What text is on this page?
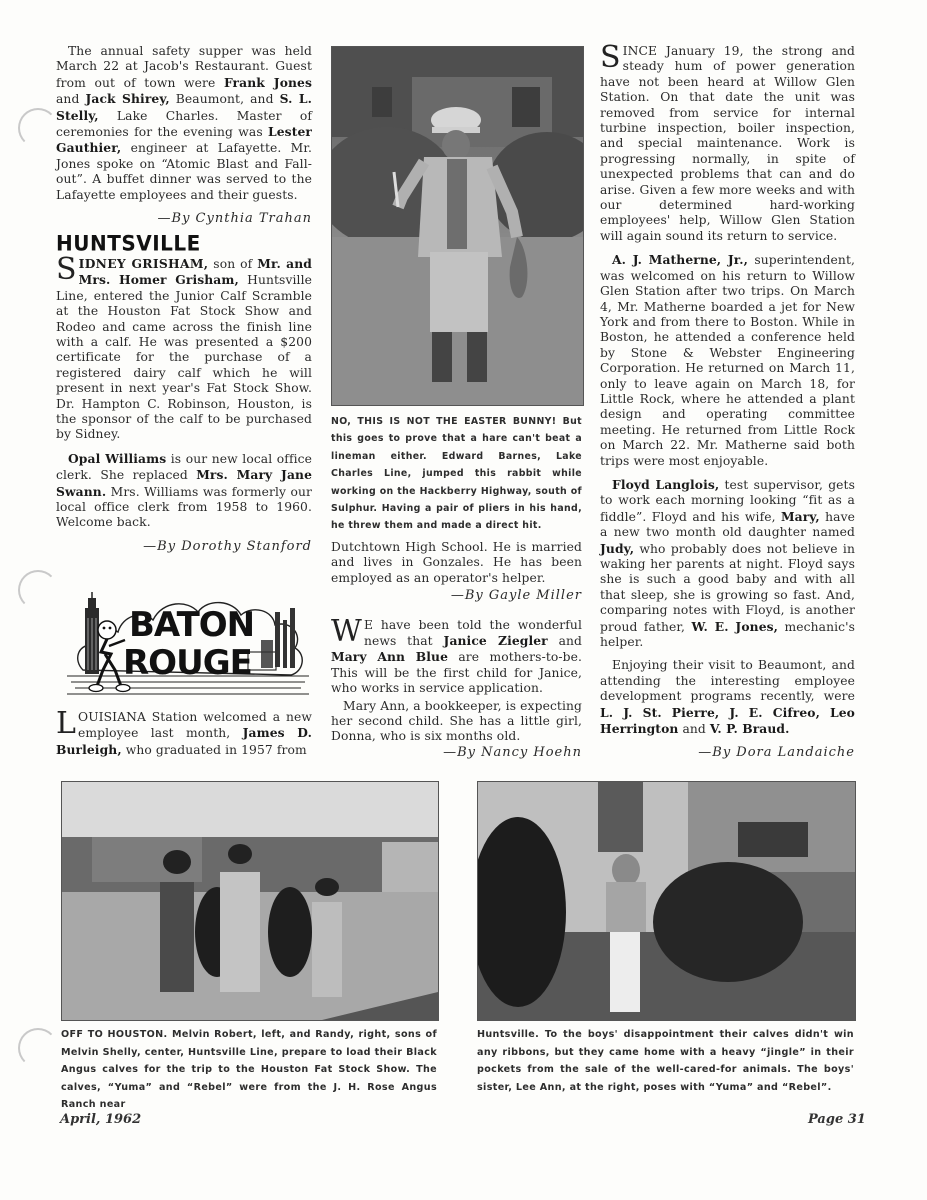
The annual safety supper was held March 22 at Jacob's Restaurant. Guest from out of town were Frank Jones and Jack Shirey, Beaumont, and S. L. Stelly, Lake Charles. Master of ceremonies for the evening was Lester Gauthier, engineer at Lafayette. Mr. Jones spoke on “Atomic Blast and Fall-out”. A buffet dinner was served to the Lafayette employees and their guests.

—By Cynthia Trahan
HUNTSVILLE

SIDNEY GRISHAM, son of Mr. and Mrs. Homer Grisham, Huntsville Line, entered the Junior Calf Scramble at the Houston Fat Stock Show and Rodeo and came across the finish line with a calf. He was presented a $200 certificate for the purchase of a registered dairy calf which he will present in next year's Fat Stock Show. Dr. Hampton C. Robinson, Houston, is the sponsor of the calf to be purchased by Sidney.

Opal Williams is our new local office clerk. She replaced Mrs. Mary Jane Swann. Mrs. Williams was formerly our local office clerk from 1958 to 1960. Welcome back.

—By Dorothy Stanford
BATON
ROUGE

LOUISIANA Station welcomed a new employee last month, James D. Burleigh, who graduated in 1957 from

NO, THIS IS NOT THE EASTER BUNNY! But this goes to prove that a hare can't beat a lineman either. Edward Barnes, Lake Charles Line, jumped this rabbit while working on the Hackberry Highway, south of Sulphur. Having a pair of pliers in his hand, he threw them and made a direct hit.

Dutchtown High School. He is married and lives in Gonzales. He has been employed as an operator's helper.

—By Gayle Miller

W E have been told the wonderful news that Janice Ziegler and Mary Ann Blue are mothers-to-be. This will be the first child for Janice, who works in service application.

Mary Ann, a bookkeeper, is expecting her second child. She has a little girl, Donna, who is six months old.

—By Nancy Hoehn

SINCE January 19, the strong and steady hum of power generation have not been heard at Willow Glen Station. On that date the unit was removed from service for internal turbine inspection, boiler inspection, and special maintenance. Work is progressing normally, in spite of unexpected problems that can and do arise. Given a few more weeks and with our determined hard-working employees' help, Willow Glen Station will again sound its return to service.

A. J. Matherne, Jr., superintendent, was welcomed on his return to Willow Glen Station after two trips. On March 4, Mr. Matherne boarded a jet for New York and from there to Boston. While in Boston, he attended a conference held by Stone & Webster Engineering Corporation. He returned on March 11, only to leave again on March 18, for Little Rock, where he attended a plant design and operating committee meeting. He returned from Little Rock on March 22. Mr. Matherne said both trips were most enjoyable.

Floyd Langlois, test supervisor, gets to work each morning looking “fit as a fiddle”. Floyd and his wife, Mary, have a new two month old daughter named Judy, who probably does not believe in waking her parents at night. Floyd says she is such a good baby and with all that sleep, she is growing so fast. And, comparing notes with Floyd, is another proud father, W. E. Jones, mechanic's helper.

Enjoying their visit to Beaumont, and attending the interesting employee development programs recently, were L. J. St. Pierre, J. E. Cifreo, Leo Herrington and V. P. Braud.

—By Dora Landaiche
OFF TO HOUSTON. Melvin Robert, left, and Randy, right, sons of Melvin Shelly, center, Huntsville Line, prepare to load their Black Angus calves for the trip to the Houston Fat Stock Show. The calves, “Yuma” and “Rebel” were from the J. H. Rose Angus Ranch near
Huntsville. To the boys' disappointment their calves didn't win any ribbons, but they came home with a heavy “jingle” in their pockets from the sale of the well-cared-for animals. The boys' sister, Lee Ann, at the right, poses with “Yuma” and “Rebel”.
April, 1962	Page 31
